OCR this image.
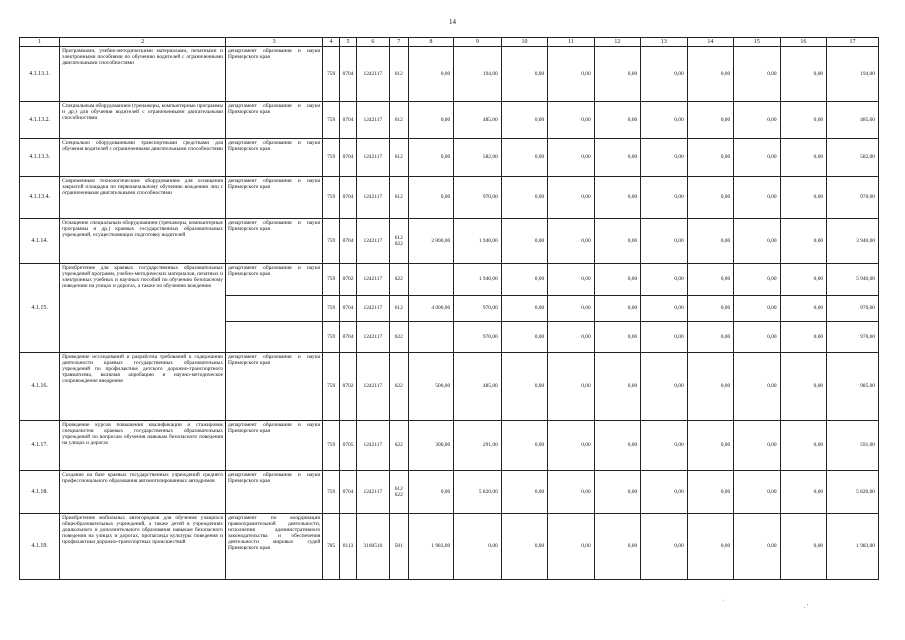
14
1	2	3	4	5	6	7	8	9	10	11	12	13	14	15	16	17
4.1.13.1.	Программами, учебно-методическими материалами, печатными и электронными пособиями по обучению водителей с ограниченными двигательными способностями	департамент образования и науки Приморского края	759	0704	1242117	612	0,00	194,00	0,00	0,00	0,00	0,00	0,00	0,00	0,00	194,00
4.1.13.2.	Специальным оборудованием (тренажеры, компьютерные программы и др.) для обучения водителей с ограниченными двигательными способностями	департамент образования и науки Приморского края	759	0704	1242117	612	0,00	485,00	0,00	0,00	0,00	0,00	0,00	0,00	0,00	485,00
4.1.13.3.	Специально оборудованными транспортными средствами для обучения водителей с ограниченными двигательными способностями	департамент образования и науки Приморского края	759	0704	1242117	612	0,00	582,00	0,00	0,00	0,00	0,00	0,00	0,00	0,00	582,00
4.1.13.4.	Современным технологическим оборудованием для оснащения закрытой площадки по первоначальному обучению вождению лиц с ограниченными двигательными способностями	департамент образования и науки Приморского края	759	0704	1242117	612	0,00	970,00	0,00	0,00	0,00	0,00	0,00	0,00	0,00	970,00
4.1.14.	Оснащение специальным оборудованием (тренажеры, компьютерные программы и др.) краевых государственных образовательных учреждений, осуществляющих подготовку водителей	департамент образования и науки Приморского края	759	0704	1242117	612 622	2 000,00	1 940,00	0,00	0,00	0,00	0,00	0,00	0,00	0,00	3 940,00
4.1.15.	Приобретение для краевых государственных образовательных учреждений программ, учебно-методических материалов, печатных и электронных учебных и научных пособий по обучению безопасному поведению на улицах и дорогах, а также по обучению вождению	департамент образования и науки Приморского края	759	0702	1242117	622		1 940,00	0,00	0,00	0,00	0,00	0,00	0,00	0,00	5 940,00
			759	0704	1242117	612	4 000,00	970,00	0,00	0,00	0,00	0,00	0,00	0,00	0,00	970,00
			759	0704	1242117	622		970,00	0,00	0,00	0,00	0,00	0,00	0,00	0,00	970,00
4.1.16.	Проведение исследований и разработка требований к содержанию деятельности краевых государственных образовательных учреждений по профилактике детского дорожно-транспортного травматизма, включая апробацию и научно-методическое сопровождение внедрения	департамент образования и науки Приморского края	759	0702	1242117	622	500,00	485,00	0,00	0,00	0,00	0,00	0,00	0,00	0,00	985,00
4.1.17.	Проведение курсов повышения квалификации и стажировок специалистов краевых государственных образовательных учреждений по вопросам обучения навыкам безопасного поведения на улицах и дорогах	департамент образования и науки Приморского края	759	0705	1242117	622	300,00	291,00	0,00	0,00	0,00	0,00	0,00	0,00	0,00	591,00
4.1.18.	Создание на базе краевых государственных учреждений среднего профессионального образования автомотизированных автодромов	департамент образования и науки Приморского края	759	0704	1242117	612 622	0,00	5 820,00	0,00	0,00	0,00	0,00	0,00	0,00	0,00	5 820,00
4.1.19.	Приобретение мобильных автогородков для обучения учащихся общеобразовательных учреждений, а также детей в учреждениях дошкольного и дополнительного образования навыкам безопасного поведения на улицах и дорогах, пропаганда культуры поведения и профилактики дорожно-транспортных происшествий	департамент по координации правоохранительной деятельности, исполнения административного законодательства и обеспечения деятельности мировых судей Приморского края	785	0113	3160510	501	1 983,00	0,00	0,00	0,00	0,00	0,00	0,00	0,00	0,00	1 983,00
·
. ′
